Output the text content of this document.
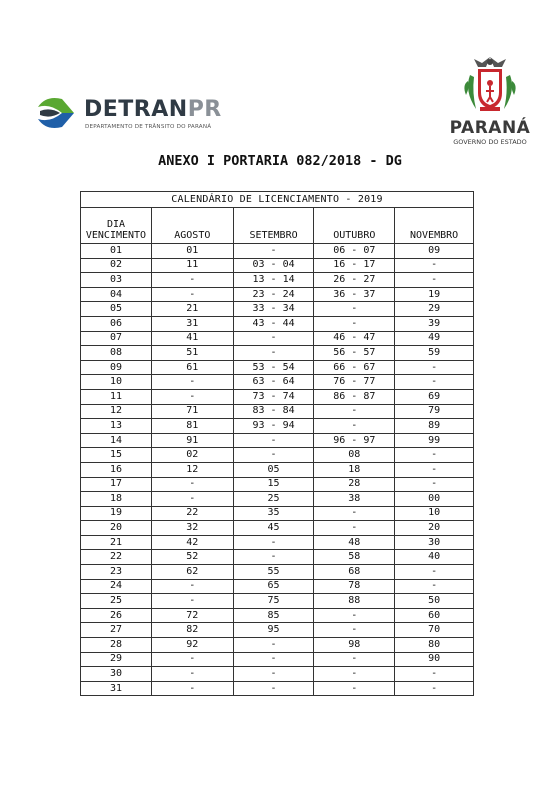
DETRANPR
DEPARTAMENTO DE TRÂNSITO DO PARANÁ	PARANÁ
GOVERNO DO ESTADO
ANEXO I PORTARIA 082/2018 - DG
CALENDÁRIO DE LICENCIAMENTO - 2019				
DIA VENCIMENTO	AGOSTO	SETEMBRO	OUTUBRO	NOVEMBRO
01	01	-	06 - 07	09
02	11	03 - 04	16 - 17	-
03	-	13 - 14	26 - 27	-
04	-	23 - 24	36 - 37	19
05	21	33 - 34	-	29
06	31	43 - 44	-	39
07	41	-	46 - 47	49
08	51	-	56 - 57	59
09	61	53 - 54	66 - 67	-
10	-	63 - 64	76 - 77	-
11	-	73 - 74	86 - 87	69
12	71	83 - 84	-	79
13	81	93 - 94	-	89
14	91	-	96 - 97	99
15	02	-	08	-
16	12	05	18	-
17	-	15	28	-
18	-	25	38	00
19	22	35	-	10
20	32	45	-	20
21	42	-	48	30
22	52	-	58	40
23	62	55	68	-
24	-	65	78	-
25	-	75	88	50
26	72	85	-	60
27	82	95	-	70
28	92	-	98	80
29	-	-	-	90
30	-	-	-	-
31	-	-	-	-
